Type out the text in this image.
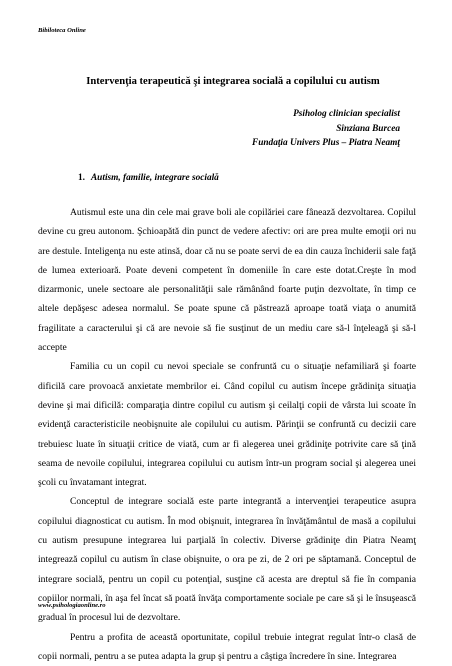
Bibiloteca Online
Intervenţia terapeutică şi integrarea socială a copilului cu autism
Psiholog clinician specialist
Sînziana Burcea
Fundaţia Univers Plus – Piatra Neamţ
1. Autism, familie, integrare socială

Autismul este una din cele mai grave boli ale copilăriei care fânează dezvoltarea. Copilul devine cu greu autonom. Şchioapătă din punct de vedere afectiv: ori are prea multe emoţii ori nu are destule. Inteligenţa nu este atinsă, doar că nu se poate servi de ea din cauza închiderii sale faţă de lumea exterioară. Poate deveni competent în domeniile în care este dotat.Creşte în mod dizarmonic, unele sectoare ale personalităţii sale rămânând foarte puţin dezvoltate, în timp ce altele depăşesc adesea normalul. Se poate spune că păstrează aproape toată viaţa o anumită fragilitate a caracterului şi că are nevoie să fie susţinut de un mediu care să-l înţeleagă şi să-l accepte

Familia cu un copil cu nevoi speciale se confruntă cu o situaţie nefamiliară şi foarte dificilă care provoacă anxietate membrilor ei. Când copilul cu autism începe grădiniţa situaţia devine şi mai dificilă: comparaţia dintre copilul cu autism şi ceilalţi copii de vârsta lui scoate în evidenţă caracteristicile neobişnuite ale copilului cu autism. Părinţii se confruntă cu decizii care trebuiesc luate în situaţii critice de viată, cum ar fi alegerea unei grădiniţe potrivite care să ţină seama de nevoile copilului, integrarea copilului cu autism într-un program social şi alegerea unei şcoli cu învatamant integrat.

Conceptul de integrare socială este parte integrantă a intervenţiei terapeutice asupra copilului diagnosticat cu autism. În mod obişnuit, integrarea în învăţământul de masă a copilului cu autism presupune integrarea lui parţială în colectiv. Diverse grădiniţe din Piatra Neamţ integrează copilul cu autism în clase obişnuite, o ora pe zi, de 2 ori pe săptamană. Conceptul de integrare socială, pentru un copil cu potenţial, susţine că acesta are dreptul să fie în compania copiilor normali, în aşa fel încat să poată învăţa comportamente sociale pe care să şi le însuşească gradual în procesul lui de dezvoltare.

Pentru a profita de această oportunitate, copilul trebuie integrat regulat într-o clasă de copii normali, pentru a se putea adapta la grup şi pentru a câştiga încredere în sine. Integrarea

www.psihologiaonline.ro
